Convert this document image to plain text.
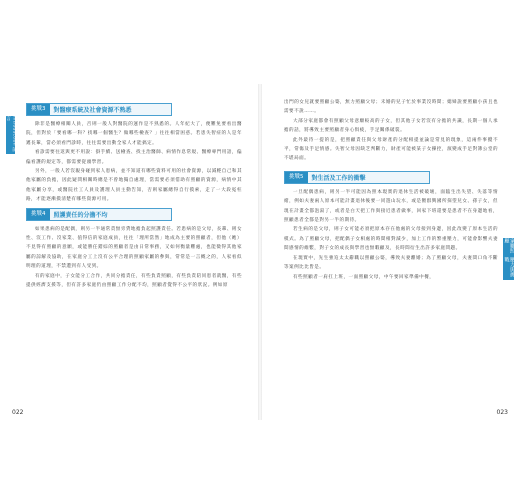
Introduction 前言
挑戰3	對醫療系統及社會資源不熟悉

除非是醫療相關人員，否則一般人對醫院的運作是不熟悉的。人年紀大了，便難免要看出醫院，但對於「要看哪一科？找哪一個醫生？做哪些檢查？」往往相當困惑。若患失智症的人是年邁長輩，當必須看門診時，往往需要出動全家人才能搞定。

看診需要往返與更不用說：掛手續、送檢查、找主治醫師、病情作息常規、醫療專門用語，偏偏看護的規定等，都需要從頭學習。

另外，一般人若沒親身碰到家人患病，並不知道有哪些資料可用的社會資源，以減輕自己和其他家屬的負擔，因此疑問相關時總是不曾地獨自處理，當需要必須借助有照顧的資源，病情中其他家屬分享，或醫院社工人員及護理人員主動告知，否則家屬總得自行摸索，走了一大段冤枉路，才能逐漸摸清楚有哪些資源可用。

挑戰4	照護責任的分擔不均

如果患病的是配偶，則另一半通常責無旁貸地擔負起照護責任。若患病的是父母，長輩、則女性、沒工作、沒家業、值得信的家庭成員，往往「理所當然」地成為主要的照顧者，但他（她）不見得有照顧的意願，或能勝任錯綜的照顧者是由日常事務，又如何衡量難處，也能徵得其他家屬的諒解及協助，在家庭分工上沒有公平合理的照顧家屬的參與，常常是一言概之的，人家看似明理的道理，不禁遭到有人受到。

有的家庭中，子女能分工合作，共同分擔責任，有些負責照顧，有些負責陪同患者就醫，有些提供經濟支援等，但有許多家庭仍由照顧工作分配不均，照顧者覺得不公平的狀況。例如原

022
家屬照顧
壓力與挑戰

出門的女兒就要照顧公婆，無力照顧父母；未婚的兒子忙於事業沒時間；媳婦說要照顧小孩且也需要不說……。

大部分家庭都會有照顧父母意願較高的子女，但其他子女若沒有分擔的共識，長期一個人承擔的話，將導致主要照顧者身心俱疲，手足關係破裂。

此外最待一提的是，把照顧責任與父母財產的分配相提並論是常見的現象，這兩件事攪不平，常傷及手足情感。失智父母因缺乏判斷力，財產可能被某子女操控，演變成手足對簿公堂的不堪局面。

挑戰5	對生活及工作的衝擊

一旦配偶患病，則另一半可能因為照本現實的退休生活被破壞，面臨生出失望、失落等情緒，例如夫妻兩人原本可能計畫退休後要一同遊山玩水，或是餵群興國所探望兒女、孫子女，但現在計畫全都泡湯了，或者是白天把工作與接近患者做事，回家下班還要是患者不在身邊地看，照顧患者全都是對另一半的期待。

若生病的是父母，則子女可能必須把原本存在他處的父母接到身邊，因此改變了原本生活的模式。為了照顧父母，把配偶子女相處的時間相對減少，加上工作的繁重壓力，可能會影響夫妻間感情的維繫，對子女的成長與學習也無暇顧及，長時間衍生出許多家庭問題。

在現實中，先生強迫太太辭職以照顧公婆，導致夫妻離婚；為了照顧父母，夫妻間口角不斷等案例比比皆是。

有些照顧者一肩扛上班，一面照顧父母，中午要回家準備中餐，

023
